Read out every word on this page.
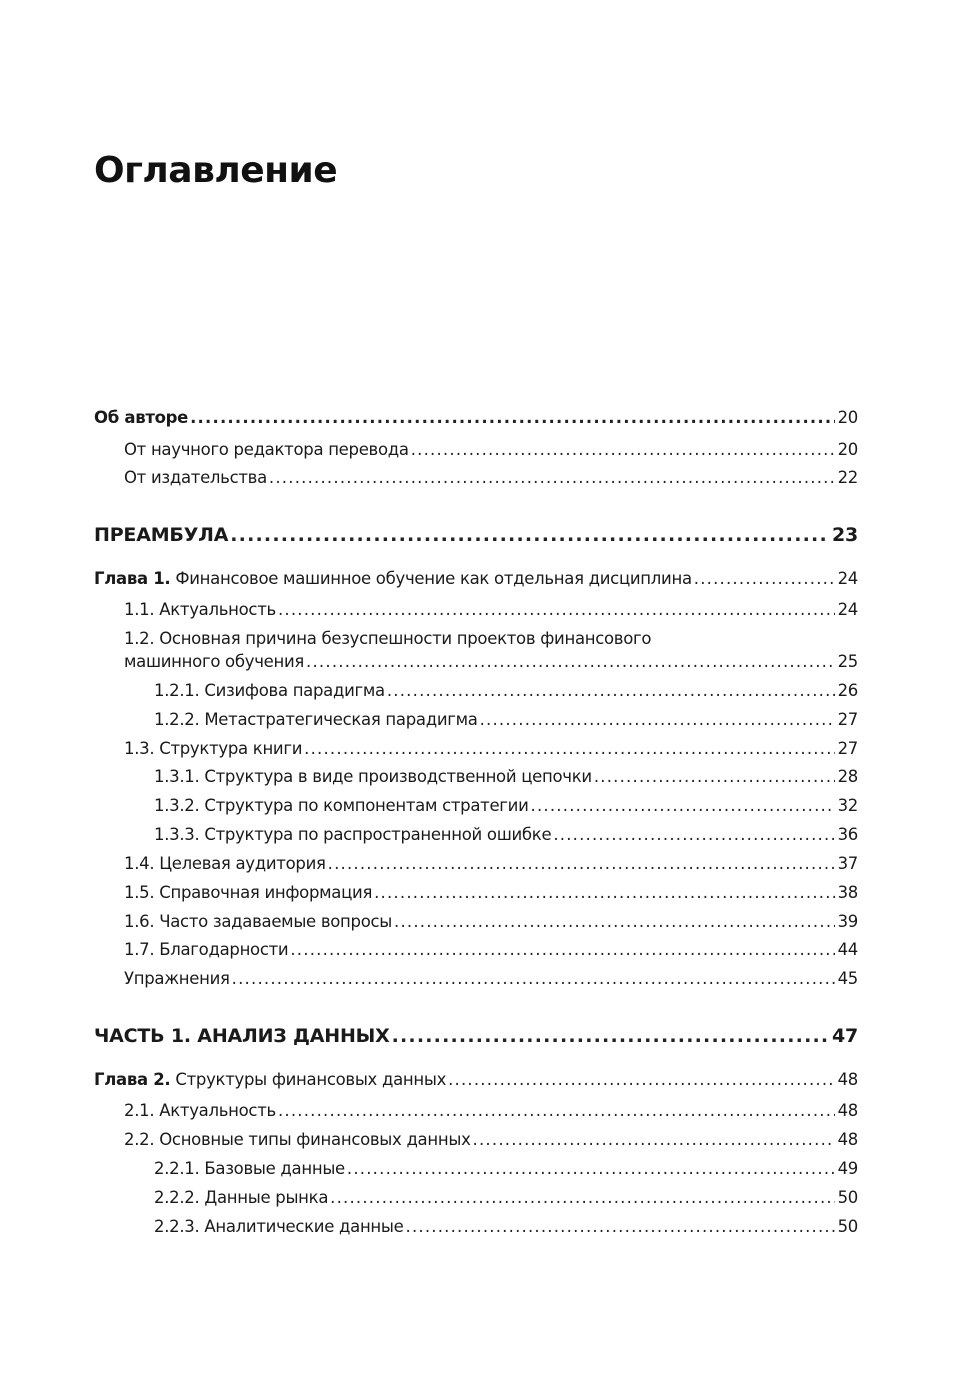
Оглавление
Об авторе .....	20
От научного редактора перевода .....	20
От издательства .....	22
ПРЕАМБУЛА .....	23
Глава 1. Финансовое машинное обучение как отдельная дисциплина .....	24
1.1. Актуальность .....	24
1.2. Основная причина безуспешности проектов финансового
машинного обучения .....	25
1.2.1. Сизифова парадигма .....	26
1.2.2. Метастратегическая парадигма .....	27
1.3. Структура книги .....	27
1.3.1. Структура в виде производственной цепочки .....	28
1.3.2. Структура по компонентам стратегии .....	32
1.3.3. Структура по распространенной ошибке .....	36
1.4. Целевая аудитория .....	37
1.5. Справочная информация .....	38
1.6. Часто задаваемые вопросы .....	39
1.7. Благодарности .....	44
Упражнения .....	45
ЧАСТЬ 1. АНАЛИЗ ДАННЫХ .....	47
Глава 2. Структуры финансовых данных .....	48
2.1. Актуальность .....	48
2.2. Основные типы финансовых данных .....	48
2.2.1. Базовые данные .....	49
2.2.2. Данные рынка .....	50
2.2.3. Аналитические данные .....	50
